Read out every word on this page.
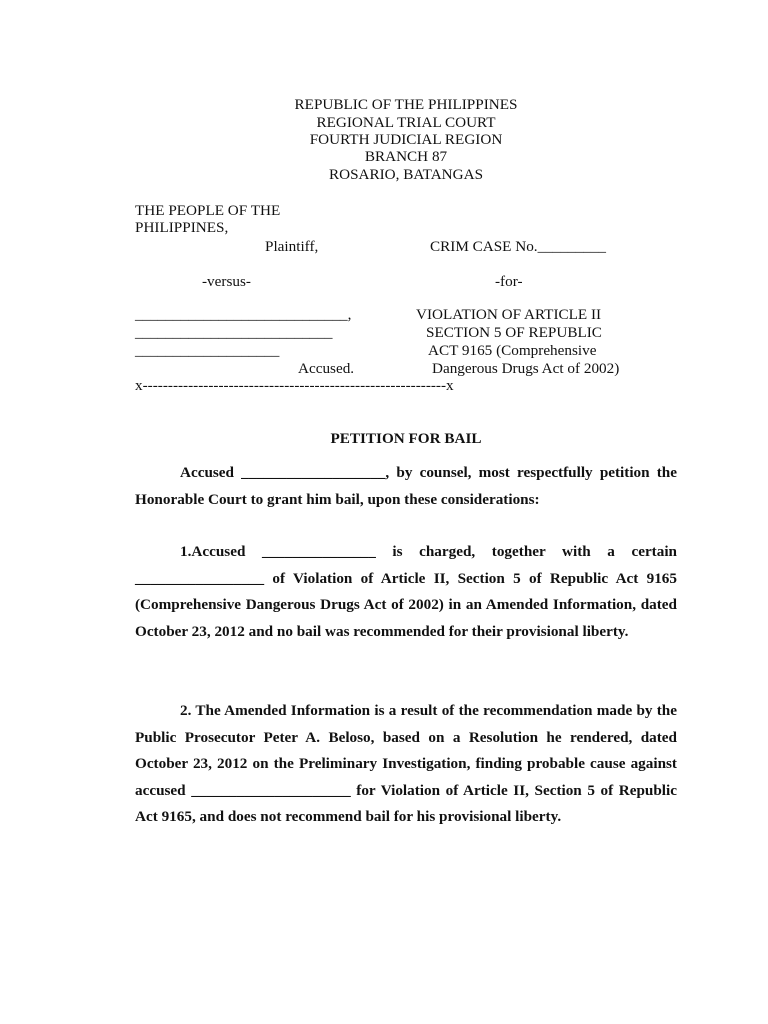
REPUBLIC OF THE PHILIPPINES
REGIONAL TRIAL COURT
FOURTH JUDICIAL REGION
BRANCH 87
ROSARIO, BATANGAS
THE PEOPLE OF THE
PHILIPPINES,
Plaintiff,	CRIM CASE No._________
-versus-	-for-
____________________________,
__________________________
___________________
Accused.
VIOLATION OF ARTICLE II
SECTION 5 OF REPUBLIC
ACT 9165 (Comprehensive
Dangerous Drugs Act of 2002)
x------------------------------------------------------------x
PETITION FOR BAIL

Accused ___________________, by counsel, most respectfully petition the Honorable Court to grant him bail, upon these considerations:

1.Accused _______________ is charged, together with a certain _________________ of Violation of Article II, Section 5 of Republic Act 9165 (Comprehensive Dangerous Drugs Act of 2002) in an Amended Information, dated October 23, 2012 and no bail was recommended for their provisional liberty.

2. The Amended Information is a result of the recommendation made by the Public Prosecutor Peter A. Beloso, based on a Resolution he rendered, dated October 23, 2012 on the Preliminary Investigation, finding probable cause against accused _____________________ for Violation of Article II, Section 5 of Republic Act 9165, and does not recommend bail for his provisional liberty.
